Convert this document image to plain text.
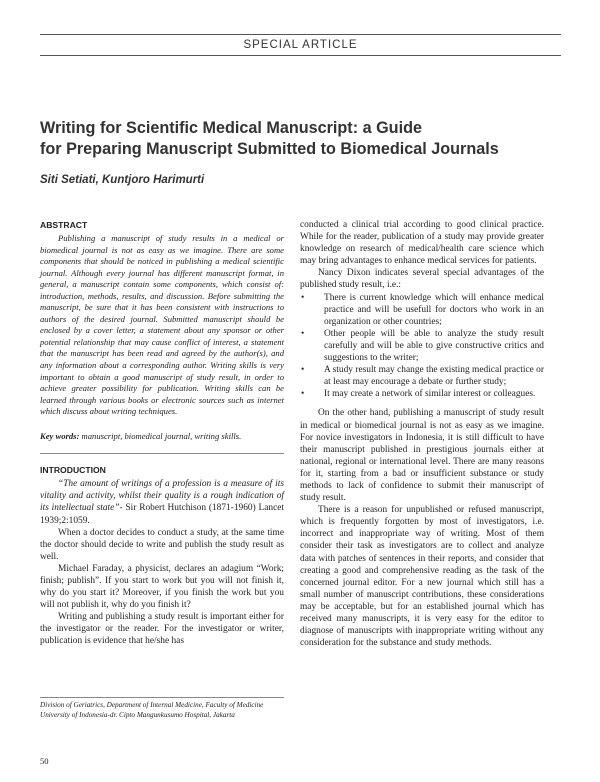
SPECIAL ARTICLE
Writing for Scientific Medical Manuscript: a Guide
for Preparing Manuscript Submitted to Biomedical Journals
Siti Setiati, Kuntjoro Harimurti
ABSTRACT

Publishing a manuscript of study results in a medical or biomedical journal is not as easy as we imagine. There are some components that should be noticed in publishing a medical scientific journal. Although every journal has different manuscript format, in general, a manuscript contain some components, which consist of: introduction, methods, results, and discussion. Before submitting the manuscript, be sure that it has been consistent with instructions to authors of the desired journal. Submitted manuscript should be enclosed by a cover letter, a statement about any sponsor or other potential relationship that may cause conflict of interest, a statement that the manuscript has been read and agreed by the author(s), and any information about a corresponding author. Writing skills is very important to obtain a good manuscript of study result, in order to achieve greater possibility for publication. Writing skills can be learned through various books or electronic sources such as internet which discuss about writing techniques.

Key words: manuscript, biomedical journal, writing skills.

INTRODUCTION

“The amount of writings of a profession is a measure of its vitality and activity, whilst their quality is a rough indication of its intellectual state”- Sir Robert Hutchison (1871-1960) Lancet 1939;2:1059.

When a doctor decides to conduct a study, at the same time the doctor should decide to write and publish the study result as well.

Michael Faraday, a physicist, declares an adagium “Work; finish; publish”. If you start to work but you will not finish it, why do you start it? Moreover, if you finish the work but you will not publish it, why do you finish it?

Writing and publishing a study result is important either for the investigator or the reader. For the investigator or writer, publication is evidence that he/she has

conducted a clinical trial according to good clinical practice. While for the reader, publication of a study may provide greater knowledge on research of medical/health care science which may bring advantages to enhance medical services for patients.

Nancy Dixon indicates several special advantages of the published study result, i.e.:

• There is current knowledge which will enhance medical practice and will be usefull for doctors who work in an organization or other countries;
• Other people will be able to analyze the study result carefully and will be able to give constructive critics and suggestions to the writer;
• A study result may change the existing medical practice or at least may encourage a debate or further study;
• It may create a network of similar interest or colleagues.

On the other hand, publishing a manuscript of study result in medical or biomedical journal is not as easy as we imagine. For novice investigators in Indonesia, it is still difficult to have their manuscript published in prestigious journals either at national, regional or international level. There are many reasons for it, starting from a bad or insufficient substance or study methods to lack of confidence to submit their manuscript of study result.

There is a reason for unpublished or refused manuscript, which is frequently forgotten by most of investigators, i.e. incorrect and inappropriate way of writing. Most of them consider their task as investigators are to collect and analyze data with patches of sentences in their reports, and consider that creating a good and comprehensive reading as the task of the concerned journal editor. For a new journal which still has a small number of manuscript contributions, these considerations may be acceptable, but for an established journal which has received many manuscripts, it is very easy for the editor to diagnose of manuscripts with inappropriate writing without any consideration for the substance and study methods.

Division of Geriatrics, Department of Internal Medicine, Faculty of Medicine University of Indonesia-dr. Cipto Mangunkusumo Hospital, Jakarta

50
